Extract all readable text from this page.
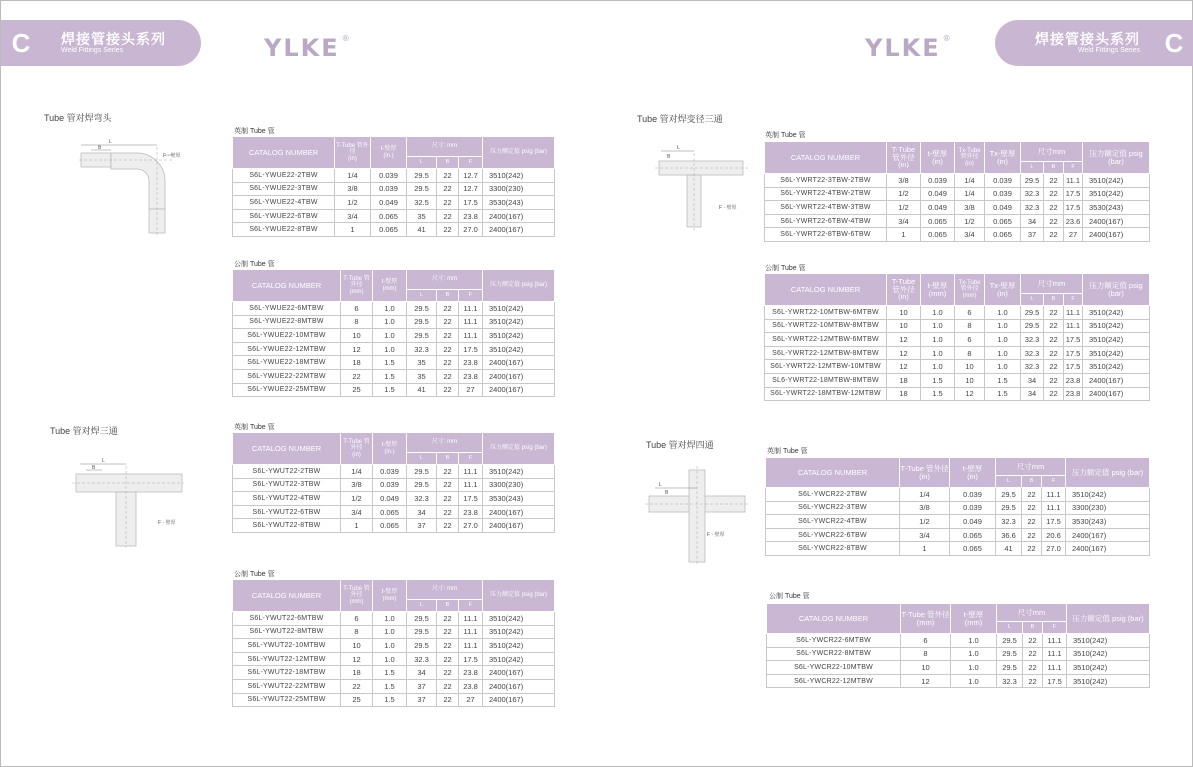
C	焊接管接头系列
Weld Fittings Series	YLKE ®	YLKE ®	焊接管接头系列
Weld Fittings Series C
Tube 管对焊弯头
Tube 管对焊三通
Tube 管对焊变径三通
Tube 管对焊四通
L
B
F · 壁厚
L
B
F · 壁厚
L
B
F · 壁厚
L
B
F · 壁厚
英制 Tube 管
CATALOG NUMBER	T-Tube 管外径
(in)	t-壁厚
(in.)	尺寸: mm			压力额定值 psig (bar)
			L	B	F	
S6L-YWUE22-2TBW	1/4	0.039	29.5	22	12.7	3510(242)
S6L-YWUE22-3TBW	3/8	0.039	29.5	22	12.7	3300(230)
S6L-YWUE22-4TBW	1/2	0.049	32.5	22	17.5	3530(243)
S6L-YWUE22-6TBW	3/4	0.065	35	22	23.8	2400(167)
S6L-YWUE22-8TBW	1	0.065	41	22	27.0	2400(167)
公制 Tube 管
CATALOG NUMBER	T-Tube 管外径
(mm)	t-壁厚
(mm)	尺寸: mm			压力额定值 psig (bar)
			L	B	F	
S6L-YWUE22-6MTBW	6	1.0	29.5	22	11.1	3510(242)
S6L-YWUE22-8MTBW	8	1.0	29.5	22	11.1	3510(242)
S6L-YWUE22-10MTBW	10	1.0	29.5	22	11.1	3510(242)
S6L-YWUE22-12MTBW	12	1.0	32.3	22	17.5	3510(242)
S6L-YWUE22-18MTBW	18	1.5	35	22	23.8	2400(167)
S6L-YWUE22-22MTBW	22	1.5	35	22	23.8	2400(167)
S6L-YWUE22-25MTBW	25	1.5	41	22	27	2400(167)
英制 Tube 管
CATALOG NUMBER	T-Tube 管外径
(in)	t-壁厚
(in.)	尺寸: mm			压力额定值 psig (bar)
			L	B	F	
S6L-YWUT22-2TBW	1/4	0.039	29.5	22	11.1	3510(242)
S6L-YWUT22-3TBW	3/8	0.039	29.5	22	11.1	3300(230)
S6L-YWUT22-4TBW	1/2	0.049	32.3	22	17.5	3530(243)
S6L-YWUT22-6TBW	3/4	0.065	34	22	23.8	2400(167)
S6L-YWUT22-8TBW	1	0.065	37	22	27.0	2400(167)
公制 Tube 管
CATALOG NUMBER	T-Tube 管外径
(mm)	t-壁厚
(mm)	尺寸: mm			压力额定值 psig (bar)
			L	B	F	
S6L-YWUT22-6MTBW	6	1.0	29.5	22	11.1	3510(242)
S6L-YWUT22-8MTBW	8	1.0	29.5	22	11.1	3510(242)
S6L-YWUT22-10MTBW	10	1.0	29.5	22	11.1	3510(242)
S6L-YWUT22-12MTBW	12	1.0	32.3	22	17.5	3510(242)
S6L-YWUT22-18MTBW	18	1.5	34	22	23.8	2400(167)
S6L-YWUT22-22MTBW	22	1.5	37	22	23.8	2400(167)
S6L-YWUT22-25MTBW	25	1.5	37	22	27	2400(167)
英制 Tube 管
CATALOG NUMBER	T-Tube 管外径
(in)	t-壁厚
(in)	Tx-Tube 管外径
(in)	Tx-壁厚
(in)	尺寸mm			压力额定值 psig (bar)
					L	B	F	
S6L-YWRT22-3TBW-2TBW	3/8	0.039	1/4	0.039	29.5	22	11.1	3510(242)
S6L-YWRT22-4TBW-2TBW	1/2	0.049	1/4	0.039	32.3	22	17.5	3510(242)
S6L-YWRT22-4TBW-3TBW	1/2	0.049	3/8	0.049	32.3	22	17.5	3530(243)
S6L-YWRT22-6TBW-4TBW	3/4	0.065	1/2	0.065	34	22	23.6	2400(167)
S6L-YWRT22-8TBW-6TBW	1	0.065	3/4	0.065	37	22	27	2400(167)
公制 Tube 管
CATALOG NUMBER	T-Tube 管外径
(in)	t-壁厚
(mm)	Tx-Tube 管外径
(mm)	Tx-壁厚
(in)	尺寸mm			压力额定值 psig (bar)
					L	B	F	
S6L-YWRT22-10MTBW-6MTBW	10	1.0	6	1.0	29.5	22	11.1	3510(242)
S6L-YWRT22-10MTBW-8MTBW	10	1.0	8	1.0	29.5	22	11.1	3510(242)
S6L-YWRT22-12MTBW-6MTBW	12	1.0	6	1.0	32.3	22	17.5	3510(242)
S6L-YWRT22-12MTBW-8MTBW	12	1.0	8	1.0	32.3	22	17.5	3510(242)
S6L-YWRT22-12MTBW-10MTBW	12	1.0	10	1.0	32.3	22	17.5	3510(242)
SL6-YWRT22-18MTBW-8MTBW	18	1.5	10	1.5	34	22	23.8	2400(167)
S6L-YWRT22-18MTBW-12MTBW	18	1.5	12	1.5	34	22	23.8	2400(167)
英制 Tube 管
CATALOG NUMBER	T-Tube 管外径
(in)	t-壁厚
(in)	尺寸mm			压力额定值 psig (bar)
			L	B	F	
S6L-YWCR22-2TBW	1/4	0.039	29.5	22	11.1	3510(242)
S6L-YWCR22-3TBW	3/8	0.039	29.5	22	11.1	3300(230)
S6L-YWCR22-4TBW	1/2	0.049	32.3	22	17.5	3530(243)
S6L-YWCR22-6TBW	3/4	0.065	36.6	22	20.6	2400(167)
S6L-YWCR22-8TBW	1	0.065	41	22	27.0	2400(167)
公制 Tube 管
CATALOG NUMBER	T-Tube 管外径
(mm)	t-壁厚
(mm)	尺寸mm			压力额定值 psig (bar)
			L	B	F	
S6L-YWCR22-6MTBW	6	1.0	29.5	22	11.1	3510(242)
S6L-YWCR22-8MTBW	8	1.0	29.5	22	11.1	3510(242)
S6L-YWCR22-10MTBW	10	1.0	29.5	22	11.1	3510(242)
S6L-YWCR22-12MTBW	12	1.0	32.3	22	17.5	3510(242)
